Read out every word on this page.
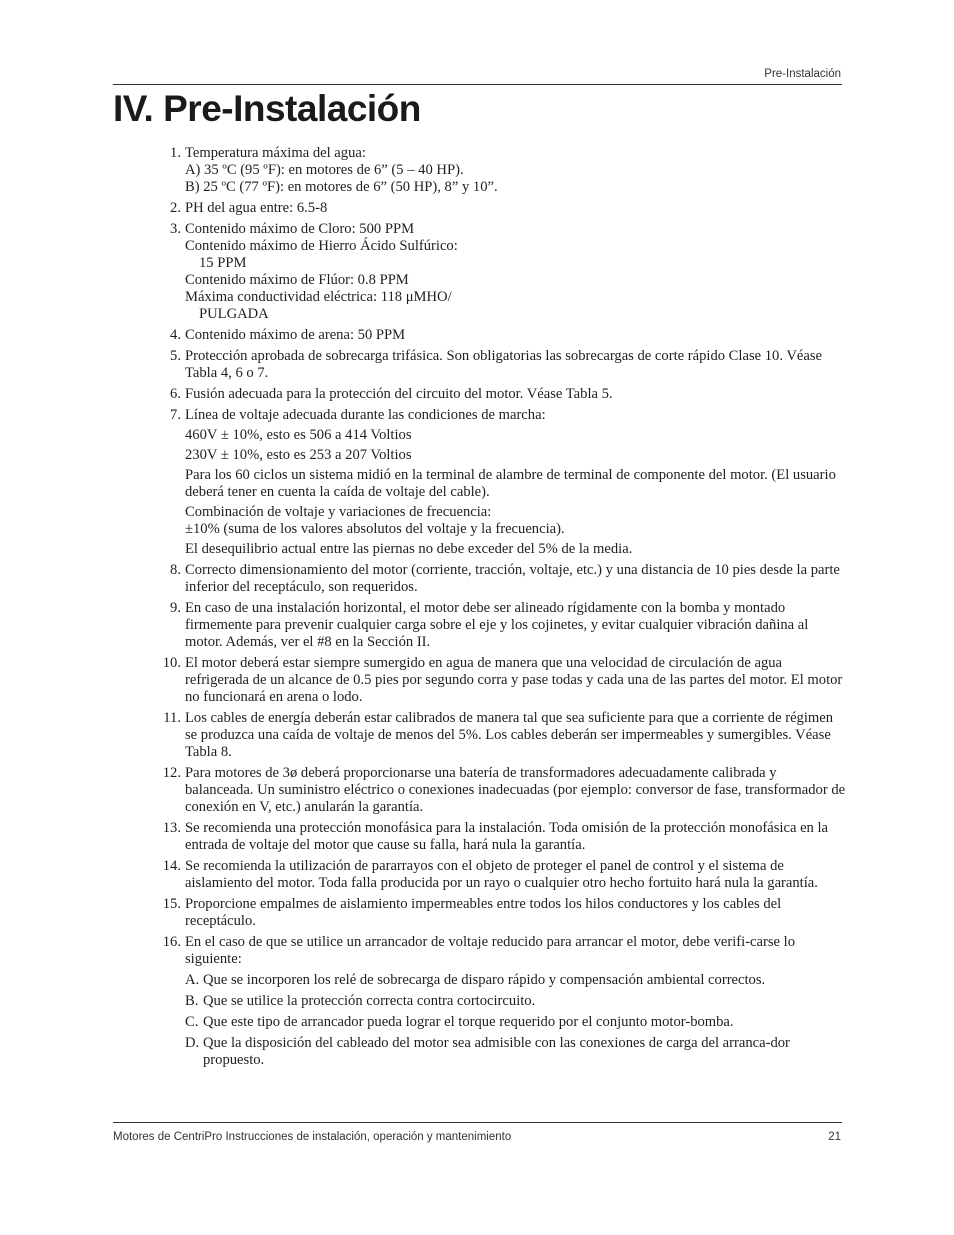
Pre-Instalación
IV. Pre-Instalación
1. Temperatura máxima del agua:
A) 35 ºC (95 ºF): en motores de 6” (5 – 40 HP).
B) 25 ºC (77 ºF): en motores de 6” (50 HP), 8” y 10”.
2. PH del agua entre: 6.5-8
3. Contenido máximo de Cloro: 500 PPM
Contenido máximo de Hierro Ácido Sulfúrico:
15 PPM
Contenido máximo de Flúor: 0.8 PPM
Máxima conductividad eléctrica: 118 μMHO/
PULGADA
4. Contenido máximo de arena: 50 PPM
5. Protección aprobada de sobrecarga trifásica. Son obligatorias las sobrecargas de corte rápido Clase 10. Véase Tabla 4, 6 o 7.
6. Fusión adecuada para la protección del circuito del motor. Véase Tabla 5.
7. Línea de voltaje adecuada durante las condiciones de marcha:
460V ± 10%, esto es 506 a 414 Voltios
230V ± 10%, esto es 253 a 207 Voltios
Para los 60 ciclos un sistema midió en la terminal de alambre de terminal de componente del motor. (El usuario deberá tener en cuenta la caída de voltaje del cable).
Combinación de voltaje y variaciones de frecuencia:
±10% (suma de los valores absolutos del voltaje y la frecuencia).
El desequilibrio actual entre las piernas no debe exceder del 5% de la media.
8. Correcto dimensionamiento del motor (corriente, tracción, voltaje, etc.) y una distancia de 10 pies desde la parte inferior del receptáculo, son requeridos.
9. En caso de una instalación horizontal, el motor debe ser alineado rígidamente con la bomba y montado firmemente para prevenir cualquier carga sobre el eje y los cojinetes, y evitar cualquier vibración dañina al motor. Además, ver el #8 en la Sección II.
10. El motor deberá estar siempre sumergido en agua de manera que una velocidad de circulación de agua refrigerada de un alcance de 0.5 pies por segundo corra y pase todas y cada una de las partes del motor. El motor no funcionará en arena o lodo.
11. Los cables de energía deberán estar calibrados de manera tal que sea suficiente para que a corriente de régimen se produzca una caída de voltaje de menos del 5%. Los cables deberán ser impermeables y sumergibles. Véase Tabla 8.
12. Para motores de 3ø deberá proporcionarse una batería de transformadores adecuadamente calibrada y balanceada. Un suministro eléctrico o conexiones inadecuadas (por ejemplo: conversor de fase, transformador de conexión en V, etc.) anularán la garantía.
13. Se recomienda una protección monofásica para la instalación. Toda omisión de la protección monofásica en la entrada de voltaje del motor que cause su falla, hará nula la garantía.
14. Se recomienda la utilización de pararrayos con el objeto de proteger el panel de control y el sistema de aislamiento del motor. Toda falla producida por un rayo o cualquier otro hecho fortuito hará nula la garantía.
15. Proporcione empalmes de aislamiento impermeables entre todos los hilos conductores y los cables del receptáculo.
16. En el caso de que se utilice un arrancador de voltaje reducido para arrancar el motor, debe verifi-carse lo siguiente:
A. Que se incorporen los relé de sobrecarga de disparo rápido y compensación ambiental correctos.
B. Que se utilice la protección correcta contra cortocircuito.
C. Que este tipo de arrancador pueda lograr el torque requerido por el conjunto motor-bomba.
D. Que la disposición del cableado del motor sea admisible con las conexiones de carga del arranca-dor propuesto.
Motores de CentriPro Instrucciones de instalación, operación y mantenimiento	21
